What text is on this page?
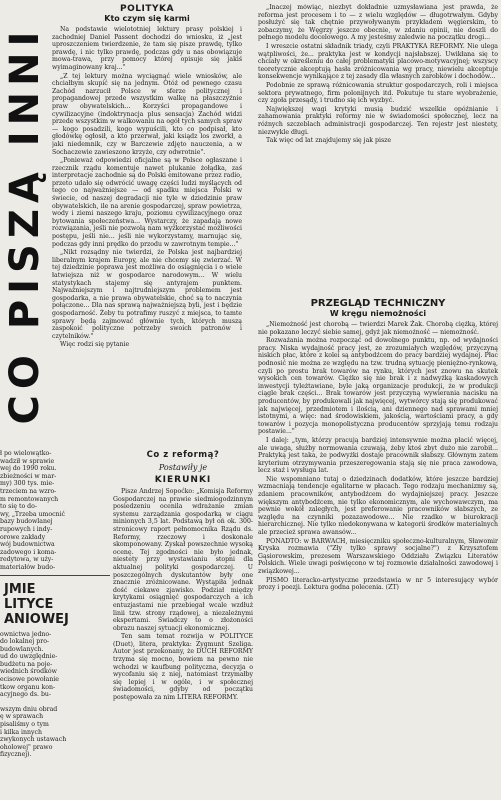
CO PISZĄ INNI
POLITYKA
Kto czym się karmi

Na podstawie wielototniej lektury prasy polskiej i zachodniej Daniel Passent dochodzi do wniosku, iż „jest uproszczeniem twierdzenie, że tam się pisze prawdę, tylko prawdę, i nic tylko prawdę, podczas gdy u nas obowiązuje mowa-trawa, przy pomocy której opisuje się jakiś wyimaginowany kraj..."

„Z tej lektury można wyciągnąć wiele wniosków, ale chciałbym skupić się na jednym. Otóż od pewnego czasu Zachód narzucił Polsce w sferze politycznej i propagandowej przede wszystkim walkę na płaszczyźnie praw obywatelskich... Korzyści propagandowe i cywilizacyjne (indoktrynacja plus sensacja) Zachód widzi przede wszystkim w walkowaniu na ogół tych samych spraw — kogo posadzili, kogo wypuścili, kto co podpisał, kto głodówkę ogłosił, a kto przerwał, jaki ksiądz los zworkł, a jaki niedemnik, czy w Barczewie zdjęto nauczenia, a w Sochaczewie zawieszono krzyże, czy odwrotnie".

„Ponieważ odpowiedzi oficjalne są w Polsce ogłaszane i rzecznik rządu komentuje nawet plukanie żołądka, zaś interpretacje zachodnie są do Polski emitowane przez radio, przeto udało się odwrócić uwagę części ludzi myślących od tego co najważniejsze — od spadku miejsca Polski w świecie, od naszej degradacji nie tyle w dziedzinie praw obywatelskich, ile na arenie gospodarczej, spraw powietrza, wody i ziemi naszego kraju, poziomu cywilizacyjnego oraz bytowania społeczeństwa... Wystarczy, że zapadają nowe rozwiązania, jeśli nie pozwolą nam wyżkorzystać możliwości postępu, jeśli nie... jeśli nie wykorzystamy, marnując się, podczas gdy inni prędko do przodu w zawrotnym tempie..."

„Nikt rozsądny nie twierdzi, że Polska jest najbardziej liberalnym krajem Europy, ale nie chcemy się zwierzać. W tej dziedzinie poprawa jest możliwa do osiągnięcia i o wiele łatwiejsza niż w gospodarce narodowym... W wielu statystykach stajemy się antyrajem punktem. Najważniejszym i najtrudniejszym problemem jest gospodarka, a nie prawa obywatelskie, choć są to naczynia połączone... Dla nas sprawą najważniejszą byli, jest i będzie gospodarność. Żeby tu potrafimy ruszyć z miejsca, to tamte sprawy będą zajmować głównie tych, których muszą zaspokoić polityczne potrzeby swoich patronów i czytelników."

Więc rodzi się pytanie

„Inaczej mówiąc, niezbyt dokładnie uzmysławiana jest prawda, że reforma jest procesem i to — z wielu względów — długotrwałym. Gdyby posłużyć się tak chętnie przywoływanym przykładem węgierskim, to zobaczymy, że Węgrzy jeszcze obecnie, w zdaniu opinii, nie doszli do pełnego modelu docelowego. A my jesteśmy zaledwie na początku drogi...

I wreszcie ostatni składnik triady, czyli PRAKTYKA REFORMY. Nie ulega wątpliwości, że... praktyka jest w kondycji najsłabszej. Uwikłana się to chciały w określeniu do całej problematyki placowo-motywacyjnej; wszyscy teoretycznie akceptują hasła zróżnicowania wg pracy, niewielu akceptuje konsekwencje wynikające z tej zasady dla własnych zarobków i dochodów...

Podobnie ze sprawą różnicowania struktur gospodarczych, roli i miejsca sektora prywatnego, firm polonijnych itd. Pokutuje tu stare wyobrażenie, czy zgoła przesądy, i trudno się ich wyzbyć.

Największej wagi krytyki musią budzić wszelkie opóźnianie i zahamowania praktyki reformy nie w świadomości społecznej, lecz na różnych szczeblach administracji gospodarczej. Ten rejestr jest niestety, niezwykle długi.

Tak więc od lat znajdujemy się jak pisze

PRZEGLĄD TECHNICZNY
W kręgu niemożności

„Niemożność jest chorobą — twierdzi Marek Żak. Chorobą ciężką, której nie pokazano leczyć siebie samej, gdyż jak niemożność — niemożność.

Rozważania można rozpocząć od dowolnego punktu, np. od wydajności pracy. Niska wydajność pracy jest, ze zrozumiałych względów, przyczyną niskich płac, które z kolei są antybodźcem do pracy bardziej wydajnej. Płac podnosić nie można ze względu na tzw. trudną sytuację pieniężno-rynkową, czyli po prostu brak towarów na rynku, których jest znowu na skutek wysokich cen towarów. Ciężko się nie brak i z nadwyżką kaskadowych inwestycji tyleżtawiane, byle jaką organizacje produkcji, że w produkcji ciągle brak części... Brak towarów jest przyczyną wywierania nacisku na producentów, by produkowali jak najwięcej, wytwórcy stają się produkować jak najwięcej, przedmiotem i ilością, ani dziennego nad sprawami mniej istotnymi, a więc: nad środowiskiem, jakością, wartościami pracy, a gdy towarów i pozycja monopolistyczna producentów sprzyjają temu rodzaju postawie..."

I dalej: „tym, którzy pracują bardziej intensywnie można płacić więcej, ale uwaga, służby normowania czuwają, żeby ktoś zbyt dużo nie zarobił... Praktyką jest taka, że podwyżki dostaje pracownik słabszy. Głównym zatem kryterium otrzymywania przeszeregowania stają się nie praca zawodowa, lecz staż i wysługa lat.

Nie wspomniano tutaj o dziedzinach dodatków, które jeszcze bardziej wzmacniają tendencje egalitarne w płacach. Tego rodzaju mechanizmy są, zdaniem pracowników, antybodźcem do wydajniejszej pracy. Jeszcze większym antybodźcem, nie tylko ekonomicznym, ale wychowawczym, ma pewnie wokół zaległych, jest preferowanie pracowników słabszych, ze względu na czynniki pozazawodowe... Nie rzadko w biurokracji hierarchicznej. Nie tylko niedokonywana w kategorii środków materialnych ale przecież sprawa awansów...

PONADTO: w BARWACH, miesięczniku społeczno-kulturalnym, Sławomir Kryska rozmawia ("Zły tylko sprawy socjalne?") z Krzysztofem Gąsiorowskim, prezesem Warszawskiego Oddziału Związku Literatów Polskich. Wiele uwagi poświęcono w tej rozmowie działalności zawodowej i związkowej...

PISMO literacko-artystyczne przedstawia w nr 5 interesujący wybór prozy i poezji. Lektura godna polecenia. (ZT)

ł po wielowątko-
wadził w sprawie
wej do 1990 roku.
zbieżności w mar-
my) 300 tys. mie-
trzeciem na wzro-
m remontowanych
to się to do-
wy, „Trzeba umocnić
bazy budowlanej
rupowych i indy-
orowe zakłady
wój budownictwa
zadowego i koma-
redytowa, w uży-
materiałów budo-
JMIE
LITYCE
ANIOWEJ
ownictwa jedno-
do lokalnej pro-
budowlanych.
ud do uwzględnie-
budżetu na poje-
wiednich środków
ecisowe powołanie
tkow organu kon-
acyjnego ds. bu-
wszym dniu obrad
ę w sprawach
pisaliśmy o tym
i kilka innych
zwykonych ustawach
oholowej" prawo
fizycznej).
Co z reformą?
Postawiły je
KIERUNKI

Pisze Andrzej Sopoćko: „Komisja Reformy Gospodarczej na prawie siedmiogodzinnym posiedzeniu ocenila wdrażanie zmian systemu zarządzania gospodarką w ciągu minionych 3,5 lat. Podstawą był oń ok. 300-stronicowy raport pełnomocnika Rządu ds. Reformy, rzeczowy i doskonale skomponowany. Zyskał powszechnie wysoką ocenę. Tej zgodności nie było jednak, niestety przy wystawianiu stopni dla aktualnej polityki gospodarczej. U poszczególnych dyskutantów były one znacznie zróżnicowane. Wystąpiła jednak dość ciekawe zjawisko. Podział między krytykami osiągnięć gospodarczych a ich entuzjastami nie przebiegał wcale wzdłuż linii tzw. strony rządowej, a niezależnymi ekspertami. Świadczy to o złożoności obrazu naszej sytuacji ekonomicznej.

Ten sam temat rozwija w POLITYCE (Duet), litera, praktyka: Zygmunt Szeliga. Autor jest przekonany, że DUCH REFORMY trzyma się mocno, bowiem na pewno nie wchodzi w kaufbung polityczna, decyzja o wycofaniu się z niej, natomiast trzymałby się lepiej i w ogóle, i w społecznej świadomości, gdyby od początku postępowała za nim LITERA REFORMY.
